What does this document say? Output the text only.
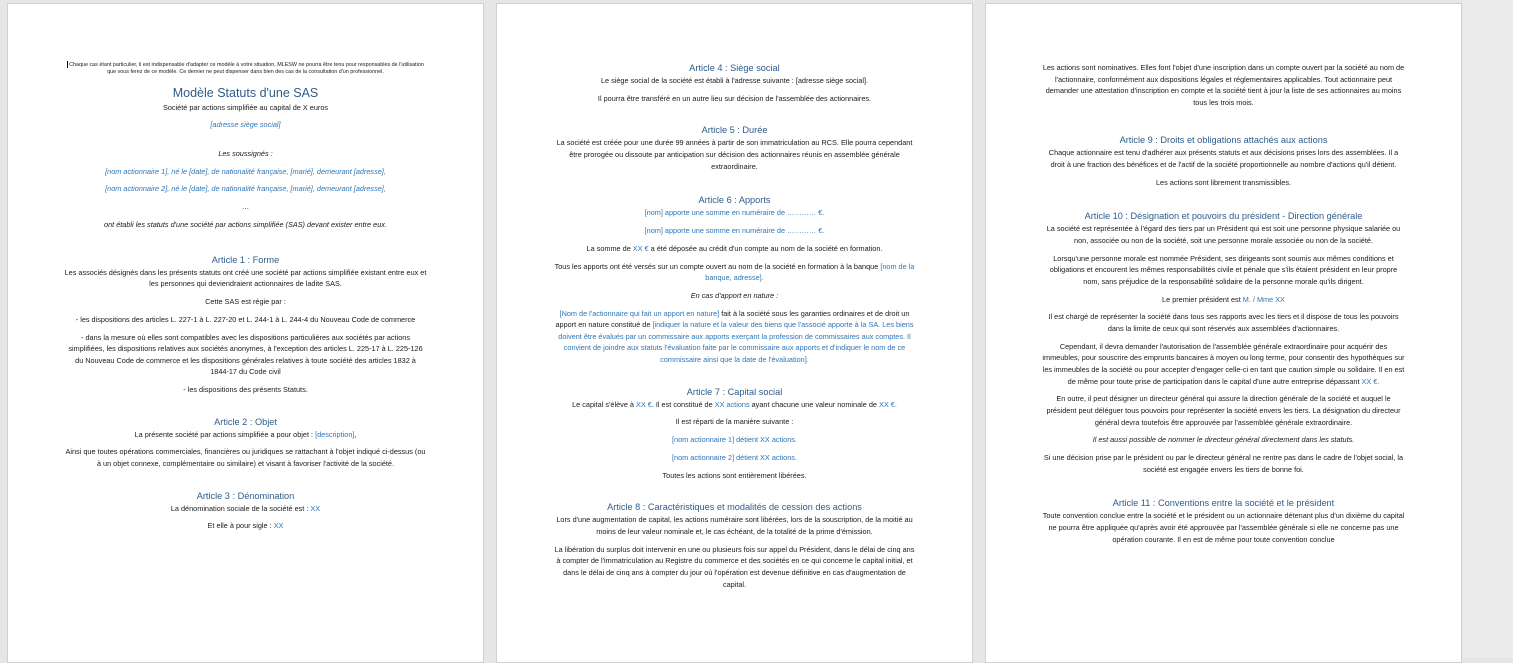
Chaque cas étant particulier, il est indispensable d'adapter ce modèle à votre situation. MLESW ne pourra être tenu pour responsables de l'utilisation que vous ferez de ce modèle. Ce dernier ne peut dispenser dans bien des cas de la consultation d'un professionnel.

Modèle Statuts d'une SAS

Société par actions simplifiée au capital de X euros

[adresse siège social]

Les soussignés :

[nom actionnaire 1], né le [date], de nationalité française, [marié], demeurant [adresse],

[nom actionnaire 2], né le [date], de nationalité française, [marié], demeurant [adresse],

…

ont établi les statuts d'une société par actions simplifiée (SAS) devant exister entre eux.

Article 1 : Forme

Les associés désignés dans les présents statuts ont créé une société par actions simplifiée existant entre eux et les personnes qui deviendraient actionnaires de ladite SAS.

Cette SAS est régie par :

- les dispositions des articles L. 227-1 à L. 227-20 et L. 244-1 à L. 244-4 du Nouveau Code de commerce

- dans la mesure où elles sont compatibles avec les dispositions particulières aux sociétés par actions simplifiées, les dispositions relatives aux sociétés anonymes, à l'exception des articles L. 225-17 à L. 225-126 du Nouveau Code de commerce et les dispositions générales relatives à toute société des articles 1832 à 1844-17 du Code civil

- les dispositions des présents Statuts.

Article 2 : Objet

La présente société par actions simplifiée a pour objet : [description],

Ainsi que toutes opérations commerciales, financières ou juridiques se rattachant à l'objet indiqué ci-dessus (ou à un objet connexe, complémentaire ou similaire) et visant à favoriser l'activité de la société.

Article 3 : Dénomination

La dénomination sociale de la société est : XX

Et elle à pour sigle : XX

Article 4 : Siège social

Le siège social de la société est établi à l'adresse suivante : [adresse siège social].

Il pourra être transféré en un autre lieu sur décision de l'assemblée des actionnaires.

Article 5 : Durée

La société est créée pour une durée 99 années à partir de son immatriculation au RCS. Elle pourra cependant être prorogée ou dissoute par anticipation sur décision des actionnaires réunis en assemblée générale extraordinaire.

Article 6 : Apports

[nom] apporte une somme en numéraire de ………… €.

[nom] apporte une somme en numéraire de ………… €.

La somme de XX € a été déposée au crédit d'un compte au nom de la société en formation.

Tous les apports ont été versés sur un compte ouvert au nom de la société en formation à la banque [nom de la banque, adresse].

En cas d'apport en nature :

[Nom de l'actionnaire qui fait un apport en nature] fait à la société sous les garanties ordinaires et de droit un apport en nature constitué de [indiquer la nature et la valeur des biens que l'associé apporte à la SA. Les biens doivent être évalués par un commissaire aux apports exerçant la profession de commissaires aux comptes. Il convient de joindre aux statuts l'évaluation faite par le commissaire aux apports et d'indiquer le nom de ce commissaire ainsi que la date de l'évaluation].

Article 7 : Capital social

Le capital s'élève à XX €. Il est constitué de XX actions ayant chacune une valeur nominale de XX €.

Il est réparti de la manière suivante :

[nom actionnaire 1] détient XX actions.

[nom actionnaire 2] détient XX actions.

Toutes les actions sont entièrement libérées.

Article 8 : Caractéristiques et modalités de cession des actions

Lors d'une augmentation de capital, les actions numéraire sont libérées, lors de la souscription, de la moitié au moins de leur valeur nominale et, le cas échéant, de la totalité de la prime d'émission.

La libération du surplus doit intervenir en une ou plusieurs fois sur appel du Président, dans le délai de cinq ans à compter de l'immatriculation au Registre du commerce et des sociétés en ce qui concerne le capital initial, et dans le délai de cinq ans à compter du jour où l'opération est devenue définitive en cas d'augmentation de capital.

Les actions sont nominatives. Elles font l'objet d'une inscription dans un compte ouvert par la société au nom de l'actionnaire, conformément aux dispositions légales et réglementaires applicables. Tout actionnaire peut demander une attestation d'inscription en compte et la société tient à jour la liste de ses actionnaires au moins tous les trois mois.

Article 9 : Droits et obligations attachés aux actions

Chaque actionnaire est tenu d'adhérer aux présents statuts et aux décisions prises lors des assemblées. Il a droit à une fraction des bénéfices et de l'actif de la société proportionnelle au nombre d'actions qu'il détient.

Les actions sont librement transmissibles.

Article 10 : Désignation et pouvoirs du président - Direction générale

La société est représentée à l'égard des tiers par un Président qui est soit une personne physique salariée ou non, associée ou non de la société, soit une personne morale associée ou non de la société.

Lorsqu'une personne morale est nommée Président, ses dirigeants sont soumis aux mêmes conditions et obligations et encourent les mêmes responsabilités civile et pénale que s'ils étaient président en leur propre nom, sans préjudice de la responsabilité solidaire de la personne morale qu'ils dirigent.

Le premier président est M. / Mme XX

Il est chargé de représenter la société dans tous ses rapports avec les tiers et il dispose de tous les pouvoirs dans la limite de ceux qui sont réservés aux assemblées d'actionnaires.

Cependant, il devra demander l'autorisation de l'assemblée générale extraordinaire pour acquérir des immeubles, pour souscrire des emprunts bancaires à moyen ou long terme, pour consentir des hypothèques sur les immeubles de la société ou pour accepter d'engager celle-ci en tant que caution simple ou solidaire. Il en est de même pour toute prise de participation dans le capital d'une autre entreprise dépassant XX €.

En outre, il peut désigner un directeur général qui assure la direction générale de la société et auquel le président peut déléguer tous pouvoirs pour représenter la société envers les tiers. La désignation du directeur général devra toutefois être approuvée par l'assemblée générale extraordinaire.

Il est aussi possible de nommer le directeur général directement dans les statuts.

Si une décision prise par le président ou par le directeur général ne rentre pas dans le cadre de l'objet social, la société est engagée envers les tiers de bonne foi.

Article 11 : Conventions entre la société et le président

Toute convention conclue entre la société et le président ou un actionnaire détenant plus d'un dixième du capital ne pourra être appliquée qu'après avoir été approuvée par l'assemblée générale si elle ne concerne pas une opération courante. Il en est de même pour toute convention conclue
